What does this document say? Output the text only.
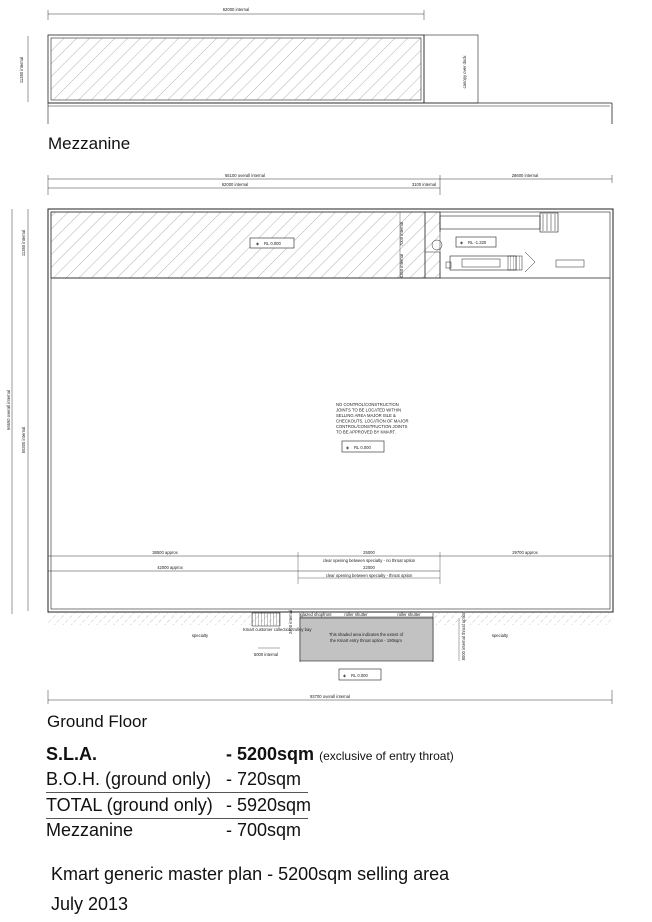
62000 internal
11350 internal	canopy over dock
65100 overall internal	28600 internal
62000 internal	3100 internal
66650 overall internal
11350 internal
55300 internal
◈ RL 0.000	7000 internal
4350 internal
◈ RL -1.320
NO CONTROL/CONSTRUCTION
JOINTS TO BE LOCATED WITHIN
SELLING AREA MAJOR ISLE &
CHECKOUTS. LOCATION OF MAJOR
CONTROL/CONSTRUCTION JOINTS
TO BE APPROVED BY KMART.
◈ RL 0.000
38500 approx	25000	29700 approx
clear opening between specialty - no throat option
42000 approx	22000
clear opening between specialty - throat option
This shaded area indicates the extent of
the Kmart entry throat option - 190sqm
glazed shopfront	roller shutter	roller shutter
Kmart customer collection trolley bay
2400 internal
5000 internal	8000 internal throat option
specialty	specialty
◈ RL 0.000
93700 overall internal
Mezzanine
Ground Floor
S.L.A.	- 5200sqm (exclusive of entry throat)
B.O.H. (ground only) - 720sqm
TOTAL (ground only) - 5920sqm
Mezzanine	- 700sqm
Kmart generic master plan - 5200sqm selling area
July 2013
